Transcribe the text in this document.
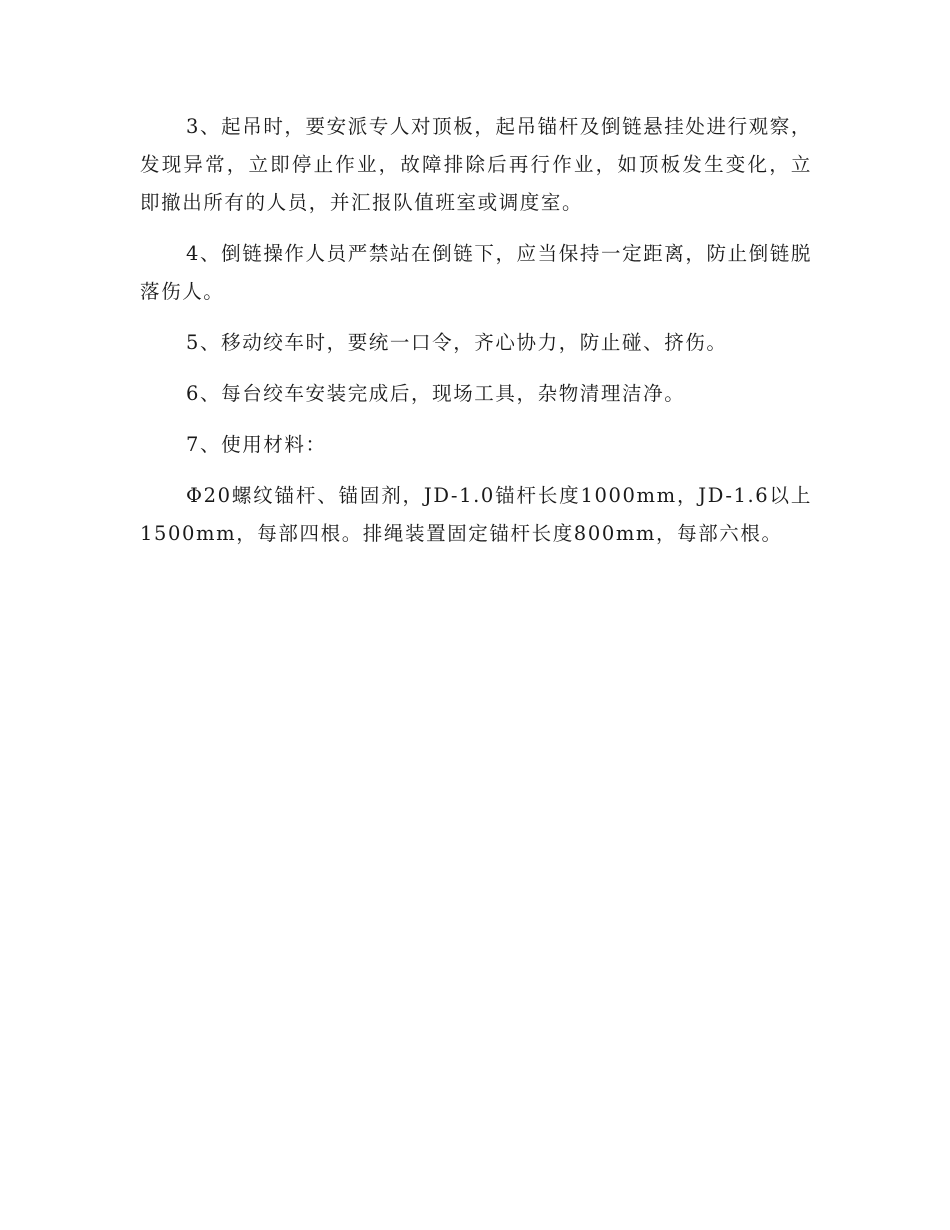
3、起吊时，要安派专人对顶板，起吊锚杆及倒链悬挂处进行观察，发现异常，立即停止作业，故障排除后再行作业，如顶板发生变化，立即撤出所有的人员，并汇报队值班室或调度室。

4、倒链操作人员严禁站在倒链下，应当保持一定距离，防止倒链脱落伤人。

5、移动绞车时，要统一口令，齐心协力，防止碰、挤伤。

6、每台绞车安装完成后，现场工具，杂物清理洁净。

7、使用材料：

Φ20螺纹锚杆、锚固剂，JD-1.0锚杆长度1000mm，JD-1.6以上1500mm，每部四根。排绳装置固定锚杆长度800mm，每部六根。
